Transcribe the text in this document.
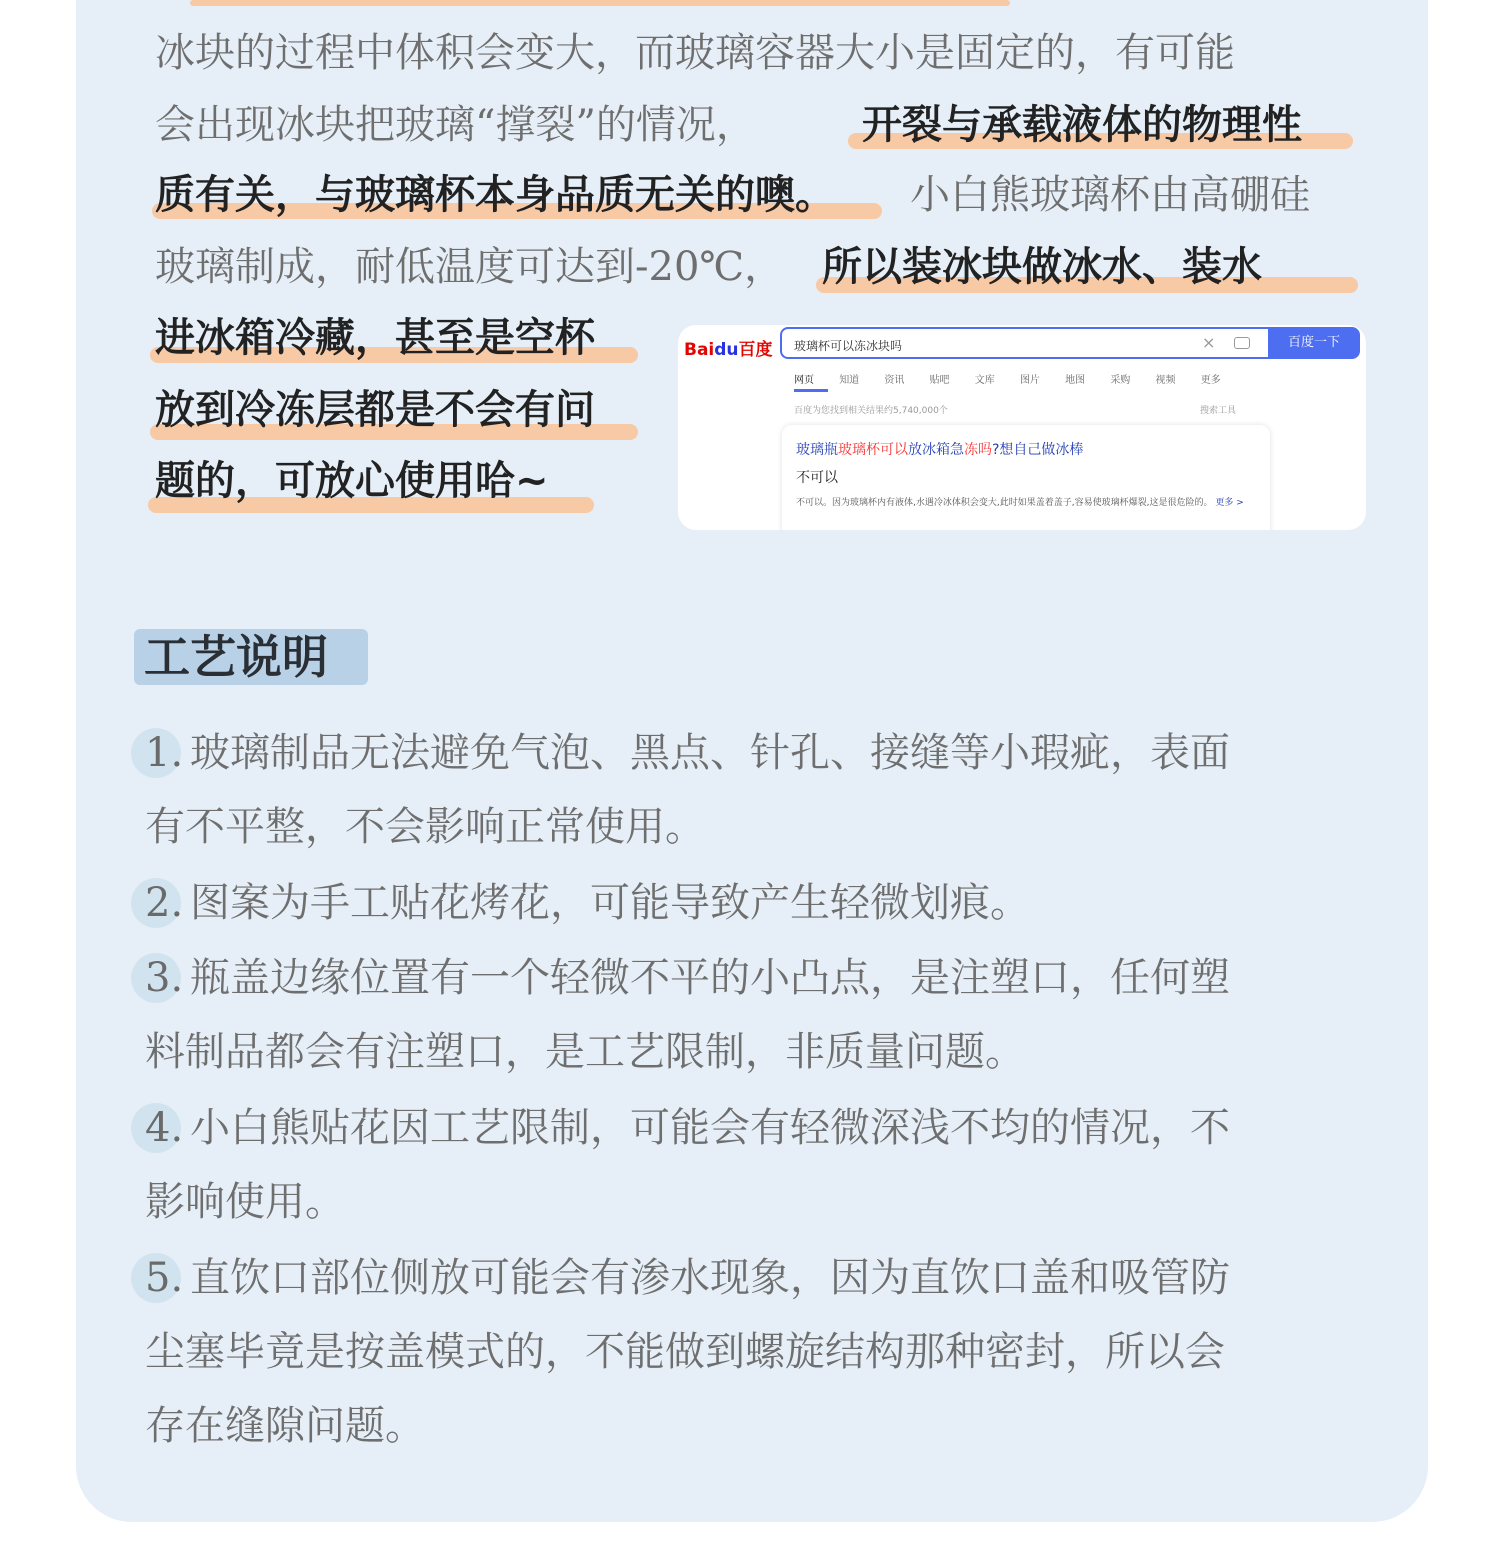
冰块的过程中体积会变大，而玻璃容器大小是固定的，有可能
会出现冰块把玻璃“撑裂”的情况，	开裂与承载液体的物理性
质有关，与玻璃杯本身品质无关的噢。 小白熊玻璃杯由高硼硅
玻璃制成，耐低温度可达到-20℃， 所以装冰块做冰水、装水
进冰箱冷藏，甚至是空杯
放到冷冻层都是不会有问
题的，可放心使用哈~
Baidu百度 玻璃杯可以冻冰块吗	×	百度一下
网页	知道	资讯	贴吧	文库	图片	地图	采购	视频	更多
百度为您找到相关结果约5,740,000个	搜索工具
玻璃瓶玻璃杯可以放冰箱急冻吗?想自己做冰棒
不可以
不可以。因为玻璃杯内有液体,水遇冷冰体积会变大,此时如果盖着盖子,容易使玻璃杯爆裂,这是很危险的。 更多 >
工艺说明
1. 玻璃制品无法避免气泡、黑点、针孔、接缝等小瑕疵，表面
有不平整，不会影响正常使用。
2. 图案为手工贴花烤花，可能导致产生轻微划痕。
3. 瓶盖边缘位置有一个轻微不平的小凸点，是注塑口，任何塑
料制品都会有注塑口，是工艺限制，非质量问题。
4. 小白熊贴花因工艺限制，可能会有轻微深浅不均的情况，不
影响使用。
5. 直饮口部位侧放可能会有渗水现象，因为直饮口盖和吸管防
尘塞毕竟是按盖模式的，不能做到螺旋结构那种密封，所以会
存在缝隙问题。
